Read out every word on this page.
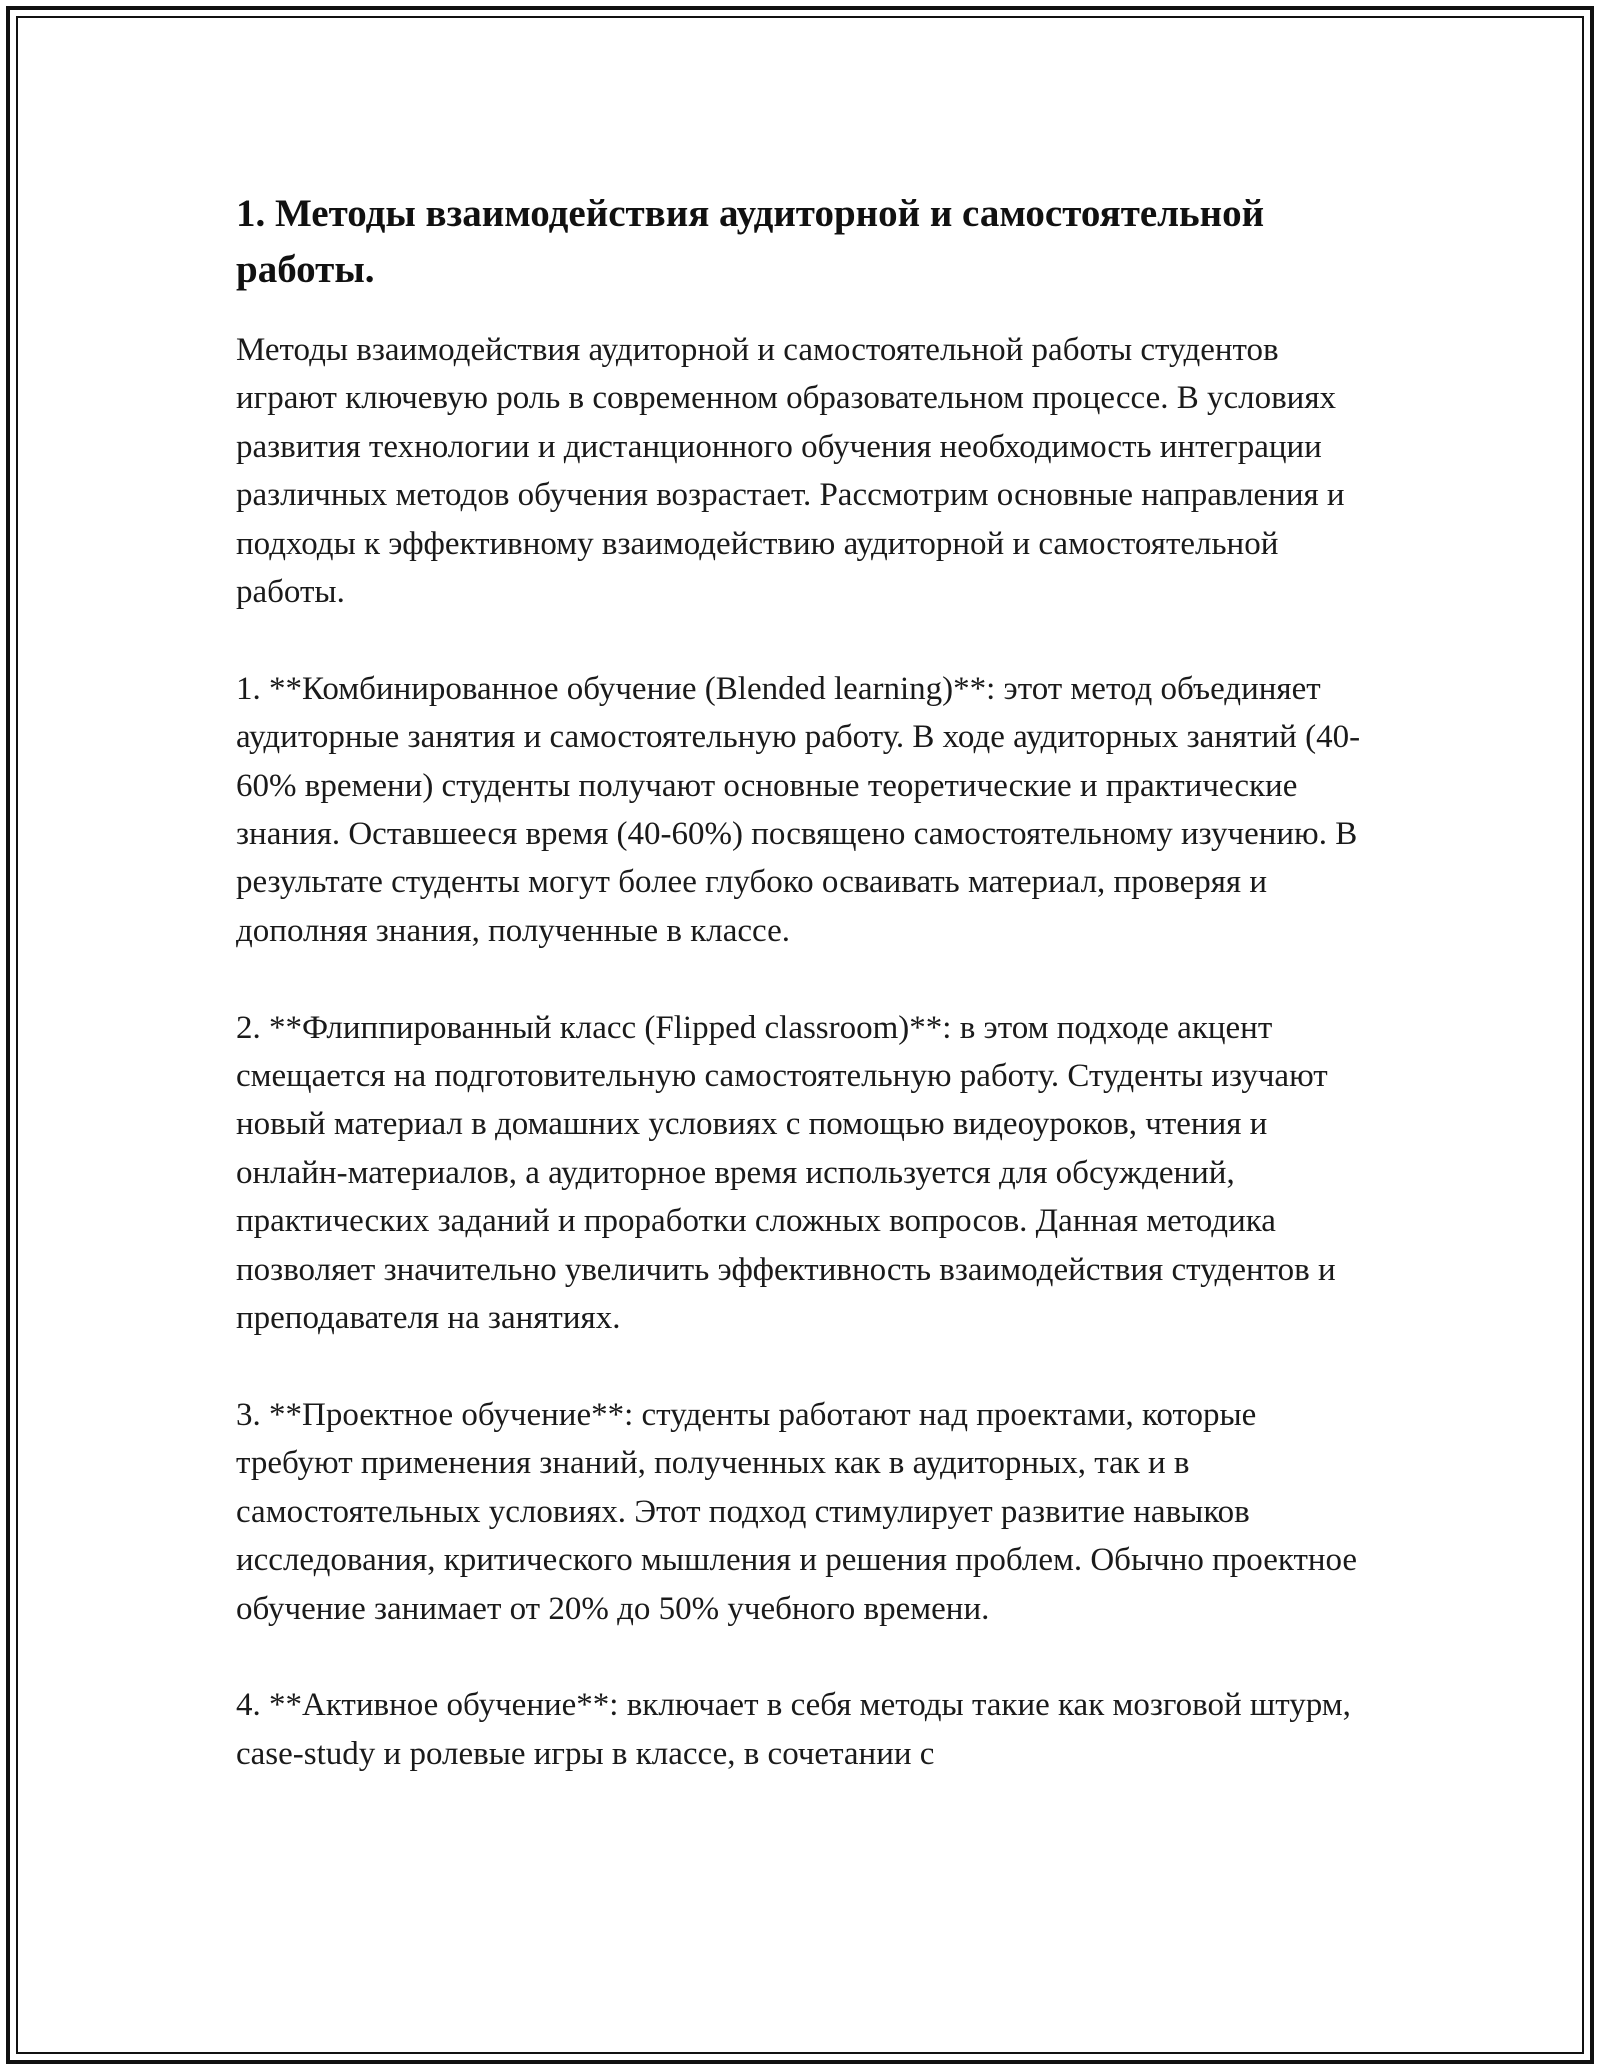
1. Методы взаимодействия аудиторной и самостоятельной работы.

Методы взаимодействия аудиторной и самостоятельной работы студентов играют ключевую роль в современном образовательном процессе. В условиях развития технологии и дистанционного обучения необходимость интеграции различных методов обучения возрастает. Рассмотрим основные направления и подходы к эффективному взаимодействию аудиторной и самостоятельной работы.

1. **Комбинированное обучение (Blended learning)**: этот метод объединяет аудиторные занятия и самостоятельную работу. В ходе аудиторных занятий (40-60% времени) студенты получают основные теоретические и практические знания. Оставшееся время (40-60%) посвящено самостоятельному изучению. В результате студенты могут более глубоко осваивать материал, проверяя и дополняя знания, полученные в классе.

2. **Флиппированный класс (Flipped classroom)**: в этом подходе акцент смещается на подготовительную самостоятельную работу. Студенты изучают новый материал в домашних условиях с помощью видеоуроков, чтения и онлайн-материалов, а аудиторное время используется для обсуждений, практических заданий и проработки сложных вопросов. Данная методика позволяет значительно увеличить эффективность взаимодействия студентов и преподавателя на занятиях.

3. **Проектное обучение**: студенты работают над проектами, которые требуют применения знаний, полученных как в аудиторных, так и в самостоятельных условиях. Этот подход стимулирует развитие навыков исследования, критического мышления и решения проблем. Обычно проектное обучение занимает от 20% до 50% учебного времени.

4. **Активное обучение**: включает в себя методы такие как мозговой штурм, case-study и ролевые игры в классе, в сочетании с
